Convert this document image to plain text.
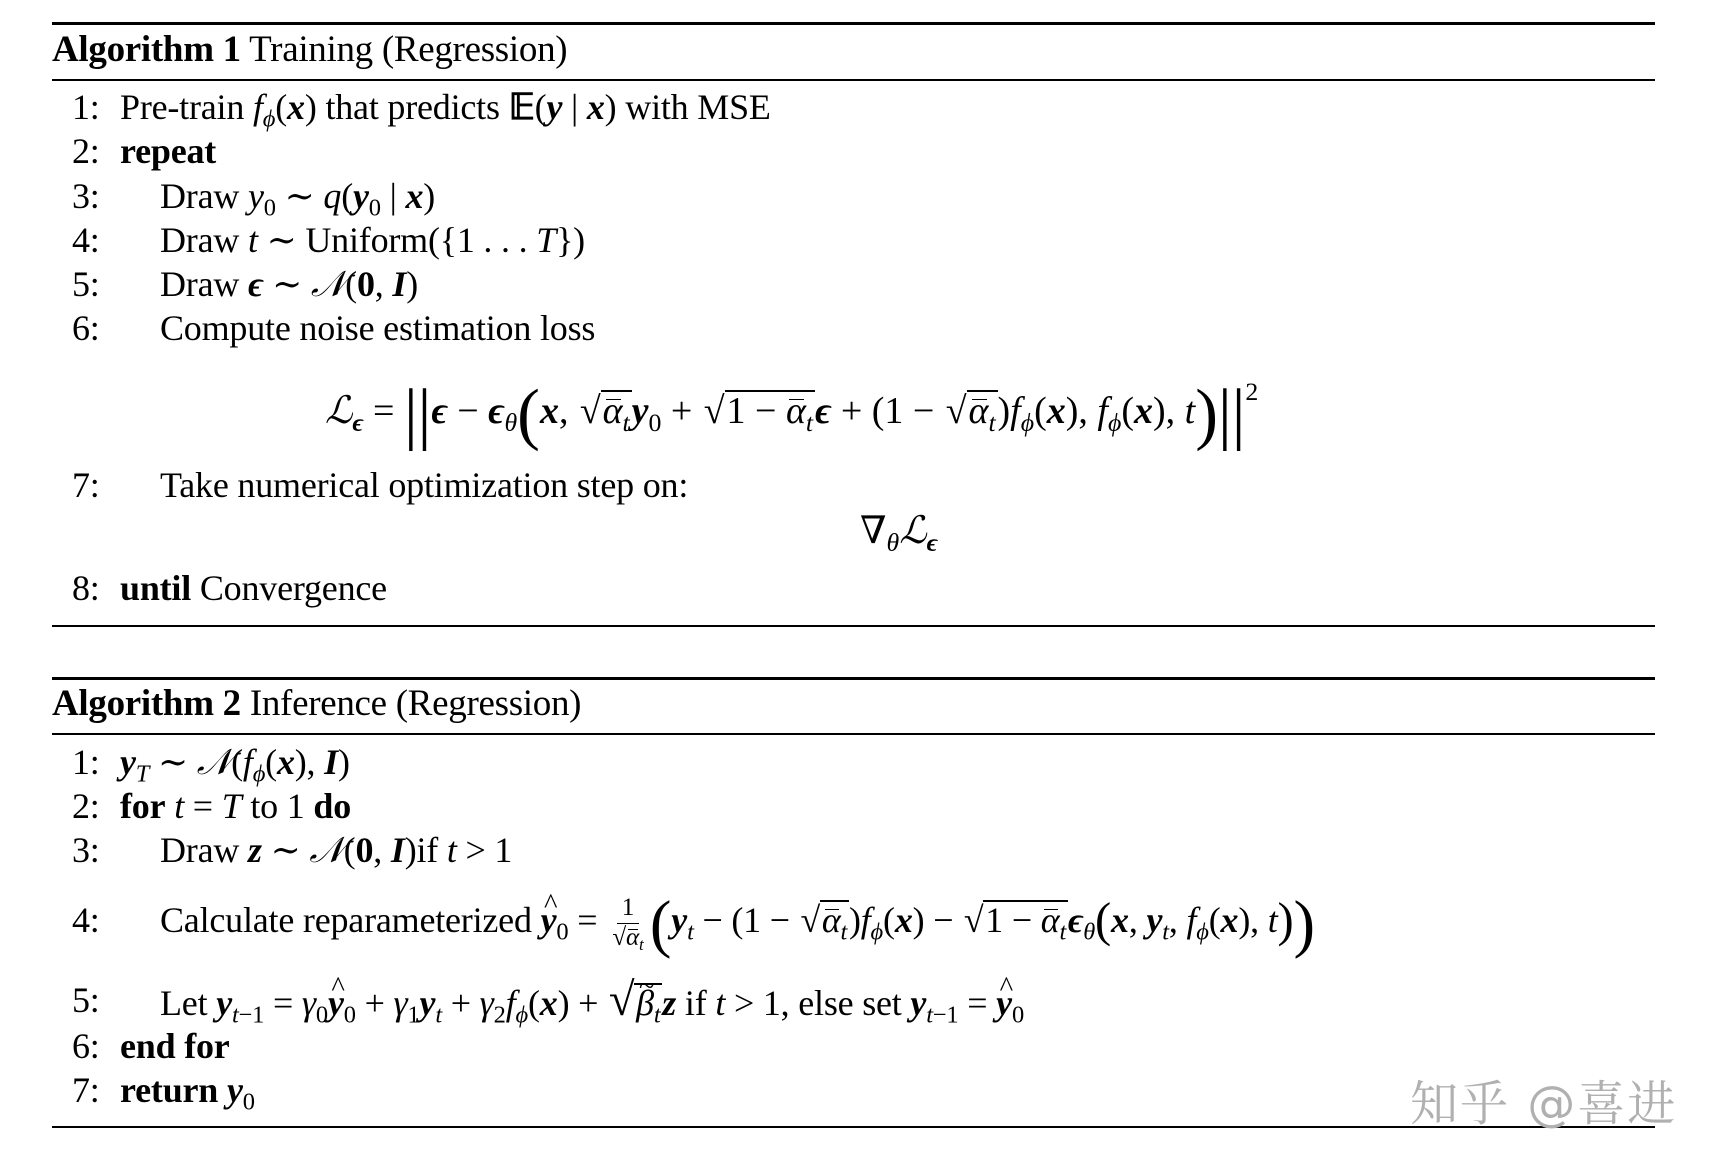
Algorithm 1 Training (Regression)
1: Pre-train $f_\phi(x)$ that predicts 𝔼(y | x) with MSE
2: repeat
3:	Draw $y_0$ ∼ $q(y_0$ | x)
4:	Draw t ∼ Uniform({1 . . . T})
5:	Draw ϵ ∼ 𝒩(0, I)
6:	Compute noise estimation loss
ℒ$_\epsilon$ = $||\epsilon - \epsilon_\theta(x$, $√\alpha_ty_0 + √1 - \alpha_t\epsilon + (1 - √\alpha_t)f_\phi(x)$, $f_\phi(x)$, $t)||^2$
7:	Take numerical optimization step on:
$\nabla_\theta ℒ_\epsilon$
8: until Convergence
Algorithm 2 Inference (Regression)
1: $y_T$ ∼ $𝒩(f_\phi(x)$, I)
2: for t = T to 1 do
3:	Draw z ∼ 𝒩(0, I)if t > 1
4:	Calculate reparameterized ^ $y_0 = \frac{1}{√\alpha_t} (y_t - (1 - √\alpha_t)f_\phi(x) - √1 - \alpha_t\epsilon_\theta(x$, $y_t$, $f_\phi(x)$, t))
5:	Let $y_{t-1}$ = $\gamma_0\^{}$ $y_0 + \gamma_1y_t + \gamma_2f_\phi(x)$ + √~ $\beta_tz$ if t > 1, else set $y_{t-1}$ = ^ $y_0$
6: end for
7: return $y_0$	知乎 @喜进
